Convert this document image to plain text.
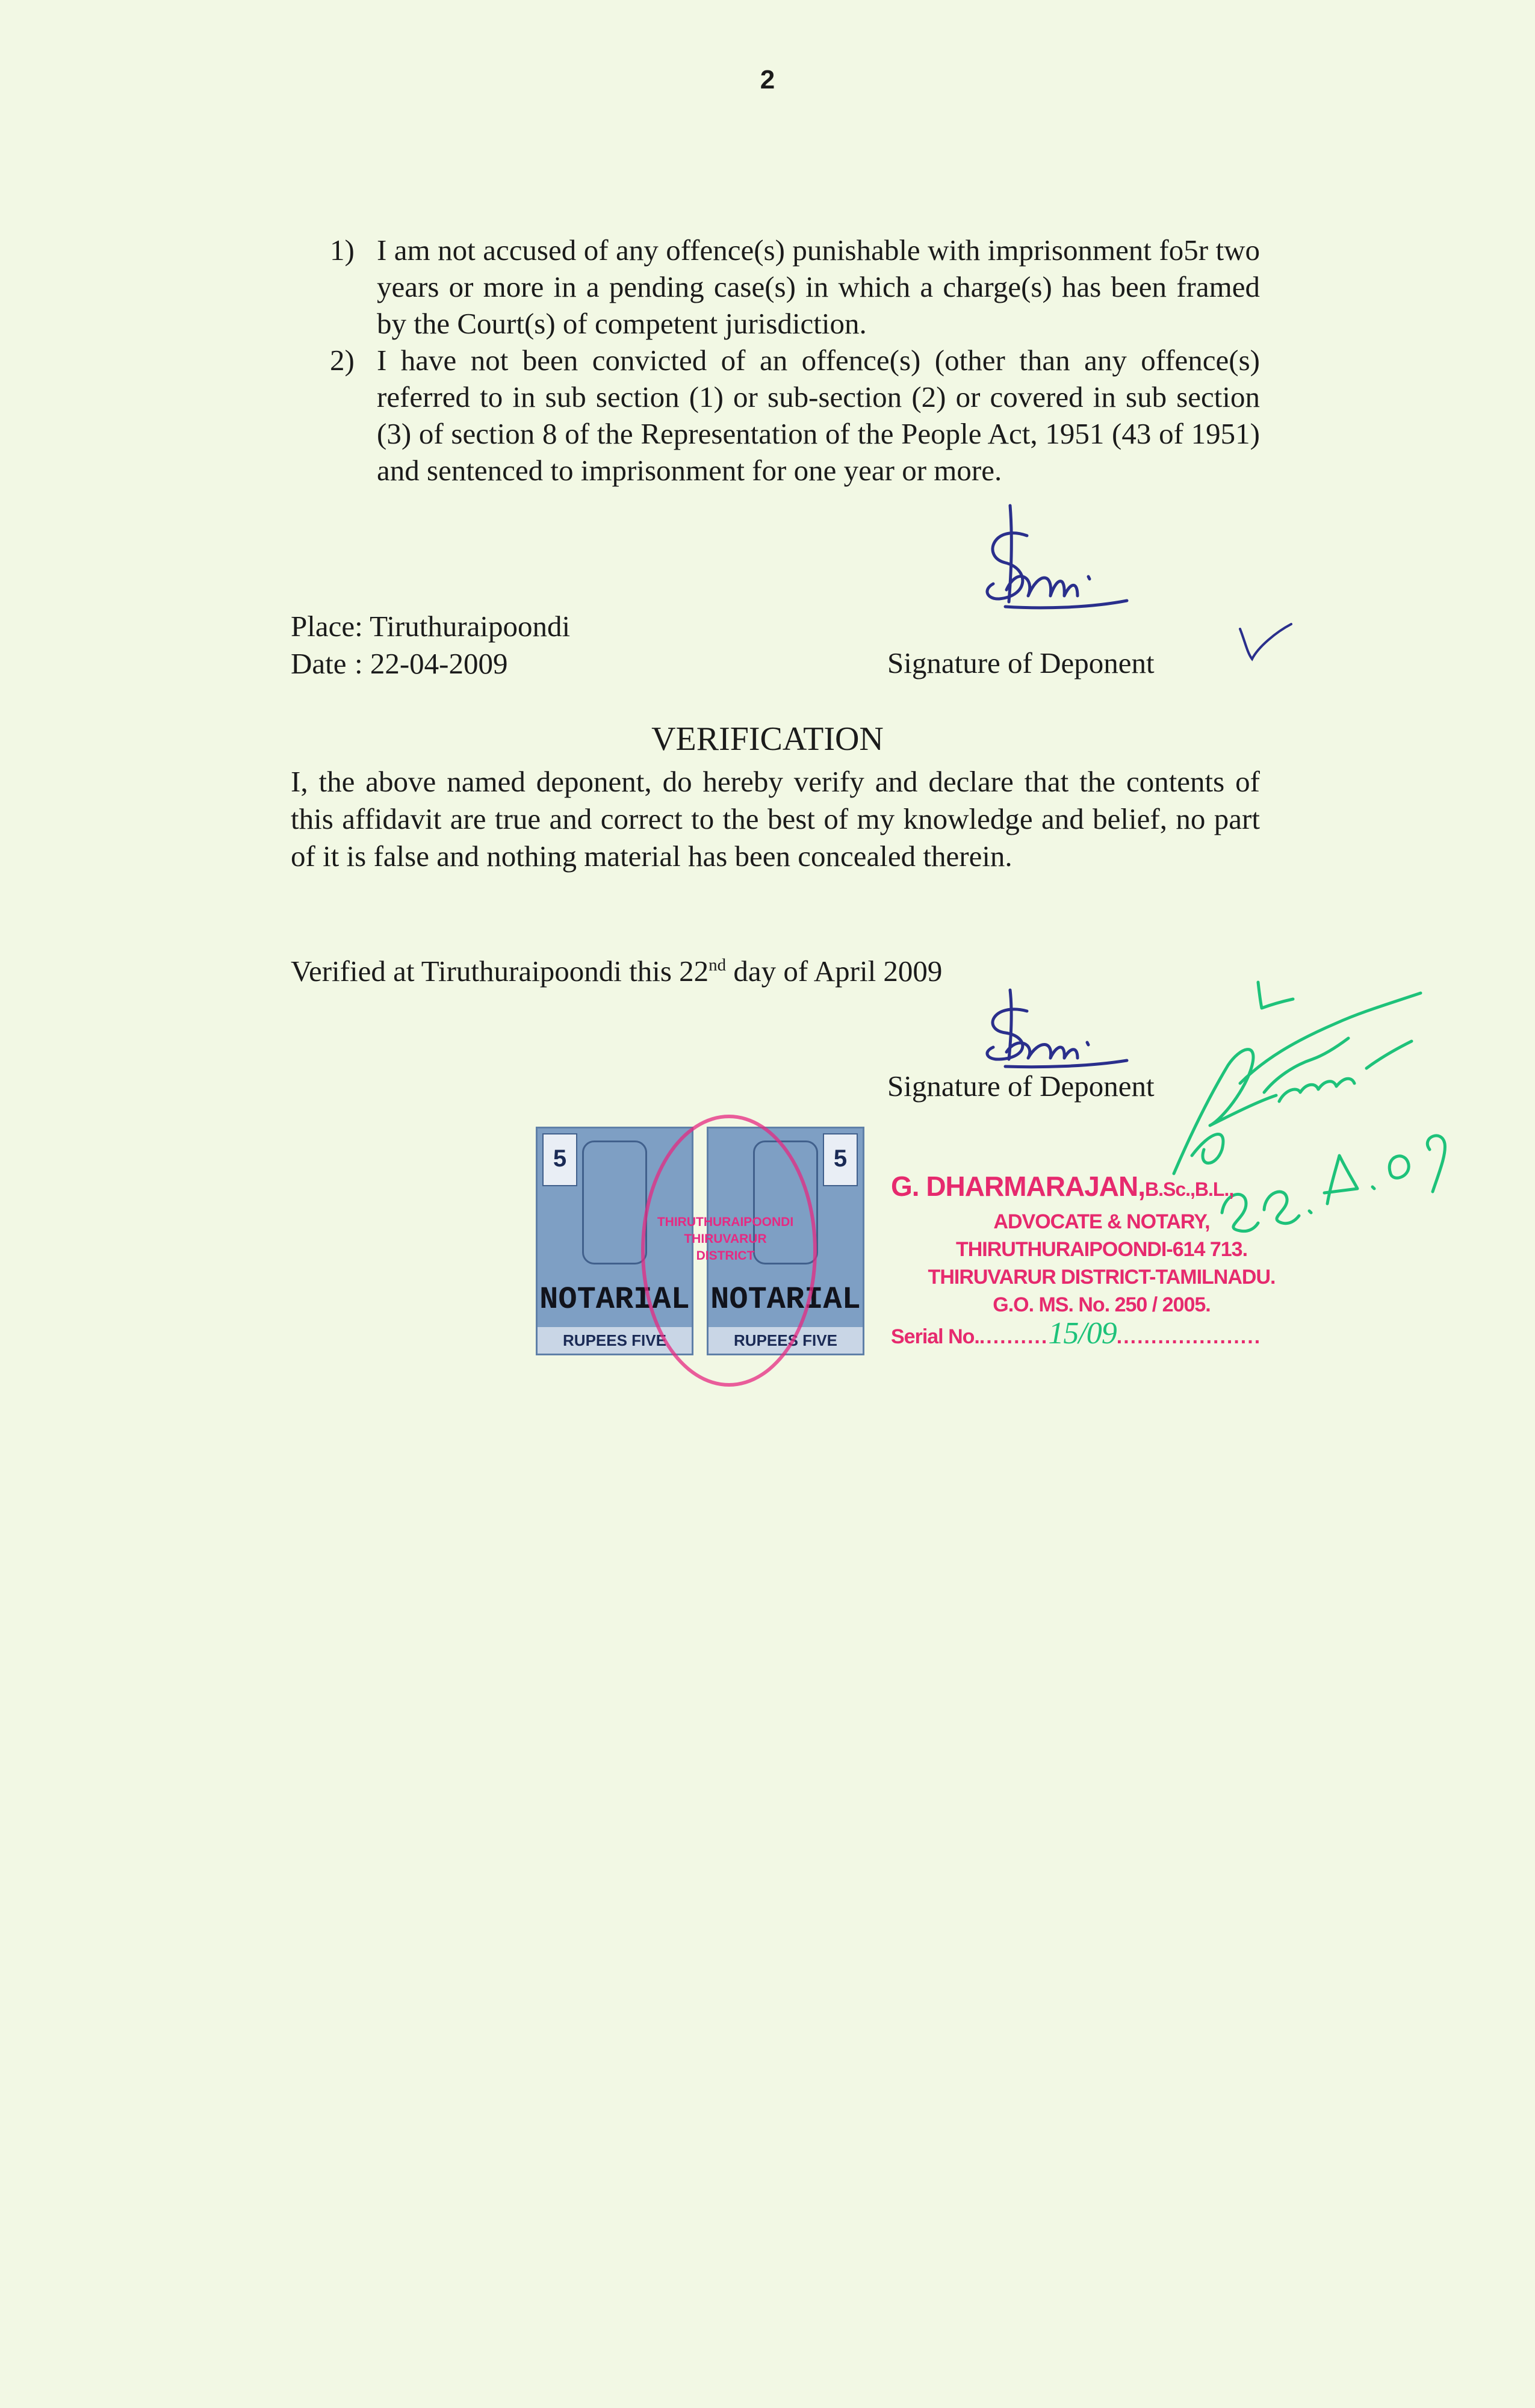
2
1) I am not accused of any offence(s) punishable with imprisonment fo5r two years or more in a pending case(s) in which a charge(s) has been framed by the Court(s) of competent jurisdiction.
2) I have not been convicted of an offence(s) (other than any offence(s) referred to in sub section (1) or sub-section (2) or covered in sub section (3) of section 8 of the Representation of the People Act, 1951 (43 of 1951) and sentenced to imprisonment for one year or more.
Place: Tiruthuraipoondi
Date : 22-04-2009	Signature of Deponent
VERIFICATION
I, the above named deponent, do hereby verify and declare that the contents of this affidavit are true and correct to the best of my knowledge and belief, no part of it is false and nothing material has been concealed therein.
Verified at Tiruthuraipoondi this 22nd day of April 2009
Signature of Deponent
5
NOTARIAL
RUPEES FIVE
5
NOTARIAL
RUPEES FIVE
THIRUTHURAIPOONDI
THIRUVARUR
DISTRICT
G. DHARMARAJAN,B.Sc.,B.L.,
ADVOCATE & NOTARY,
THIRUTHURAIPOONDI-614 713.
THIRUVARUR DISTRICT-TAMILNADU.
G.O. MS. No. 250 / 2005.
Serial No...........15/09.....................
